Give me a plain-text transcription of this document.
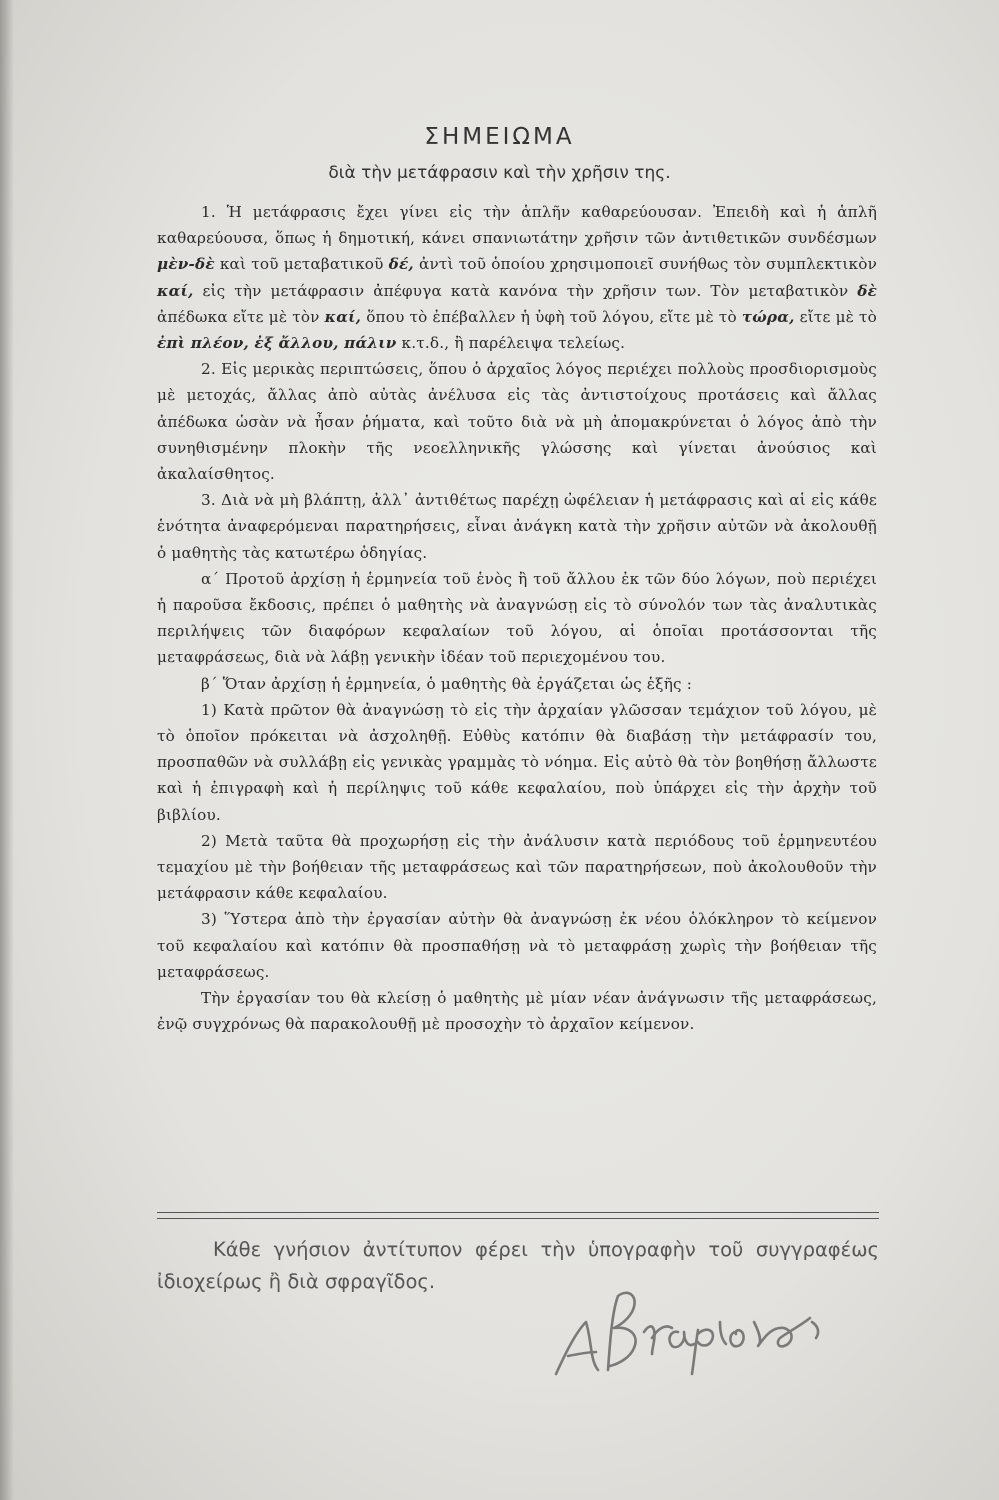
ΣΗΜΕΙΩΜΑ
διὰ τὴν μετάφρασιν καὶ τὴν χρῆσιν της.

1. Ἡ μετάφρασις ἔχει γίνει εἰς τὴν ἁπλῆν καθαρεύουσαν. Ἐπειδὴ καὶ ἡ ἁπλῆ καθαρεύουσα, ὅπως ἡ δημοτική, κάνει σπανιωτάτην χρῆσιν τῶν ἀντιθετικῶν συνδέσμων μὲν-δὲ καὶ τοῦ μεταβατικοῦ δέ, ἀντὶ τοῦ ὁποίου χρησιμοποιεῖ συνήθως τὸν συμπλεκτικὸν καί, εἰς τὴν μετάφρασιν ἀπέφυγα κατὰ κανόνα τὴν χρῆσιν των. Τὸν μεταβατικὸν δὲ ἀπέδωκα εἴτε μὲ τὸν καί, ὅπου τὸ ἐπέβαλλεν ἡ ὑφὴ τοῦ λόγου, εἴτε μὲ τὸ τώρα, εἴτε μὲ τὸ ἐπὶ πλέον, ἐξ ἄλλου, πάλιν κ.τ.δ., ἢ παρέλειψα τελείως.

2. Εἰς μερικὰς περιπτώσεις, ὅπου ὁ ἀρχαῖος λόγος περιέχει πολλοὺς προσδιορισμοὺς μὲ μετοχάς, ἄλλας ἀπὸ αὐτὰς ἀνέλυσα εἰς τὰς ἀντιστοίχους προτάσεις καὶ ἄλλας ἀπέδωκα ὡσὰν νὰ ἦσαν ῥήματα, καὶ τοῦτο διὰ νὰ μὴ ἀπομακρύνεται ὁ λόγος ἀπὸ τὴν συνηθισμένην πλοκὴν τῆς νεοελληνικῆς γλώσσης καὶ γίνεται ἀνούσιος καὶ ἀκαλαίσθητος.

3. Διὰ νὰ μὴ βλάπτῃ, ἀλλ᾽ ἀντιθέτως παρέχῃ ὠφέλειαν ἡ μετάφρασις καὶ αἱ εἰς κάθε ἑνότητα ἀναφερόμεναι παρατηρήσεις, εἶναι ἀνάγκη κατὰ τὴν χρῆσιν αὐτῶν νὰ ἀκολουθῇ ὁ μαθητὴς τὰς κατωτέρω ὁδηγίας.

α΄ Προτοῦ ἀρχίσῃ ἡ ἑρμηνεία τοῦ ἑνὸς ἢ τοῦ ἄλλου ἐκ τῶν δύο λόγων, ποὺ περιέχει ἡ παροῦσα ἔκδοσις, πρέπει ὁ μαθητὴς νὰ ἀναγνώσῃ εἰς τὸ σύνολόν των τὰς ἀναλυτικὰς περιλήψεις τῶν διαφόρων κεφαλαίων τοῦ λόγου, αἱ ὁποῖαι προτάσσονται τῆς μεταφράσεως, διὰ νὰ λάβῃ γενικὴν ἰδέαν τοῦ περιεχομένου του.

β΄ Ὅταν ἀρχίσῃ ἡ ἑρμηνεία, ὁ μαθητὴς θὰ ἐργάζεται ὡς ἑξῆς :

1) Κατὰ πρῶτον θὰ ἀναγνώσῃ τὸ εἰς τὴν ἀρχαίαν γλῶσσαν τεμάχιον τοῦ λόγου, μὲ τὸ ὁποῖον πρόκειται νὰ ἀσχοληθῇ. Εὐθὺς κατόπιν θὰ διαβάσῃ τὴν μετάφρασίν του, προσπαθῶν νὰ συλλάβῃ εἰς γενικὰς γραμμὰς τὸ νόημα. Εἰς αὐτὸ θὰ τὸν βοηθήσῃ ἄλλωστε καὶ ἡ ἐπιγραφὴ καὶ ἡ περίληψις τοῦ κάθε κεφαλαίου, ποὺ ὑπάρχει εἰς τὴν ἀρχὴν τοῦ βιβλίου.

2) Μετὰ ταῦτα θὰ προχωρήσῃ εἰς τὴν ἀνάλυσιν κατὰ περιόδους τοῦ ἑρμηνευτέου τεμαχίου μὲ τὴν βοήθειαν τῆς μεταφράσεως καὶ τῶν παρατηρήσεων, ποὺ ἀκολουθοῦν τὴν μετάφρασιν κάθε κεφαλαίου.

3) Ὕστερα ἀπὸ τὴν ἐργασίαν αὐτὴν θὰ ἀναγνώσῃ ἐκ νέου ὁλόκληρον τὸ κείμενον τοῦ κεφαλαίου καὶ κατόπιν θὰ προσπαθήσῃ νὰ τὸ μεταφράσῃ χωρὶς τὴν βοήθειαν τῆς μεταφράσεως.

Τὴν ἐργασίαν του θὰ κλείσῃ ὁ μαθητὴς μὲ μίαν νέαν ἀνάγνωσιν τῆς μεταφράσεως, ἐνῷ συγχρόνως θὰ παρακολουθῇ μὲ προσοχὴν τὸ ἀρχαῖον κείμενον.

Κάθε γνήσιον ἀντίτυπον φέρει τὴν ὑπογραφὴν τοῦ συγγραφέως ἰδιοχείρως ἢ διὰ σφραγῖδος.
